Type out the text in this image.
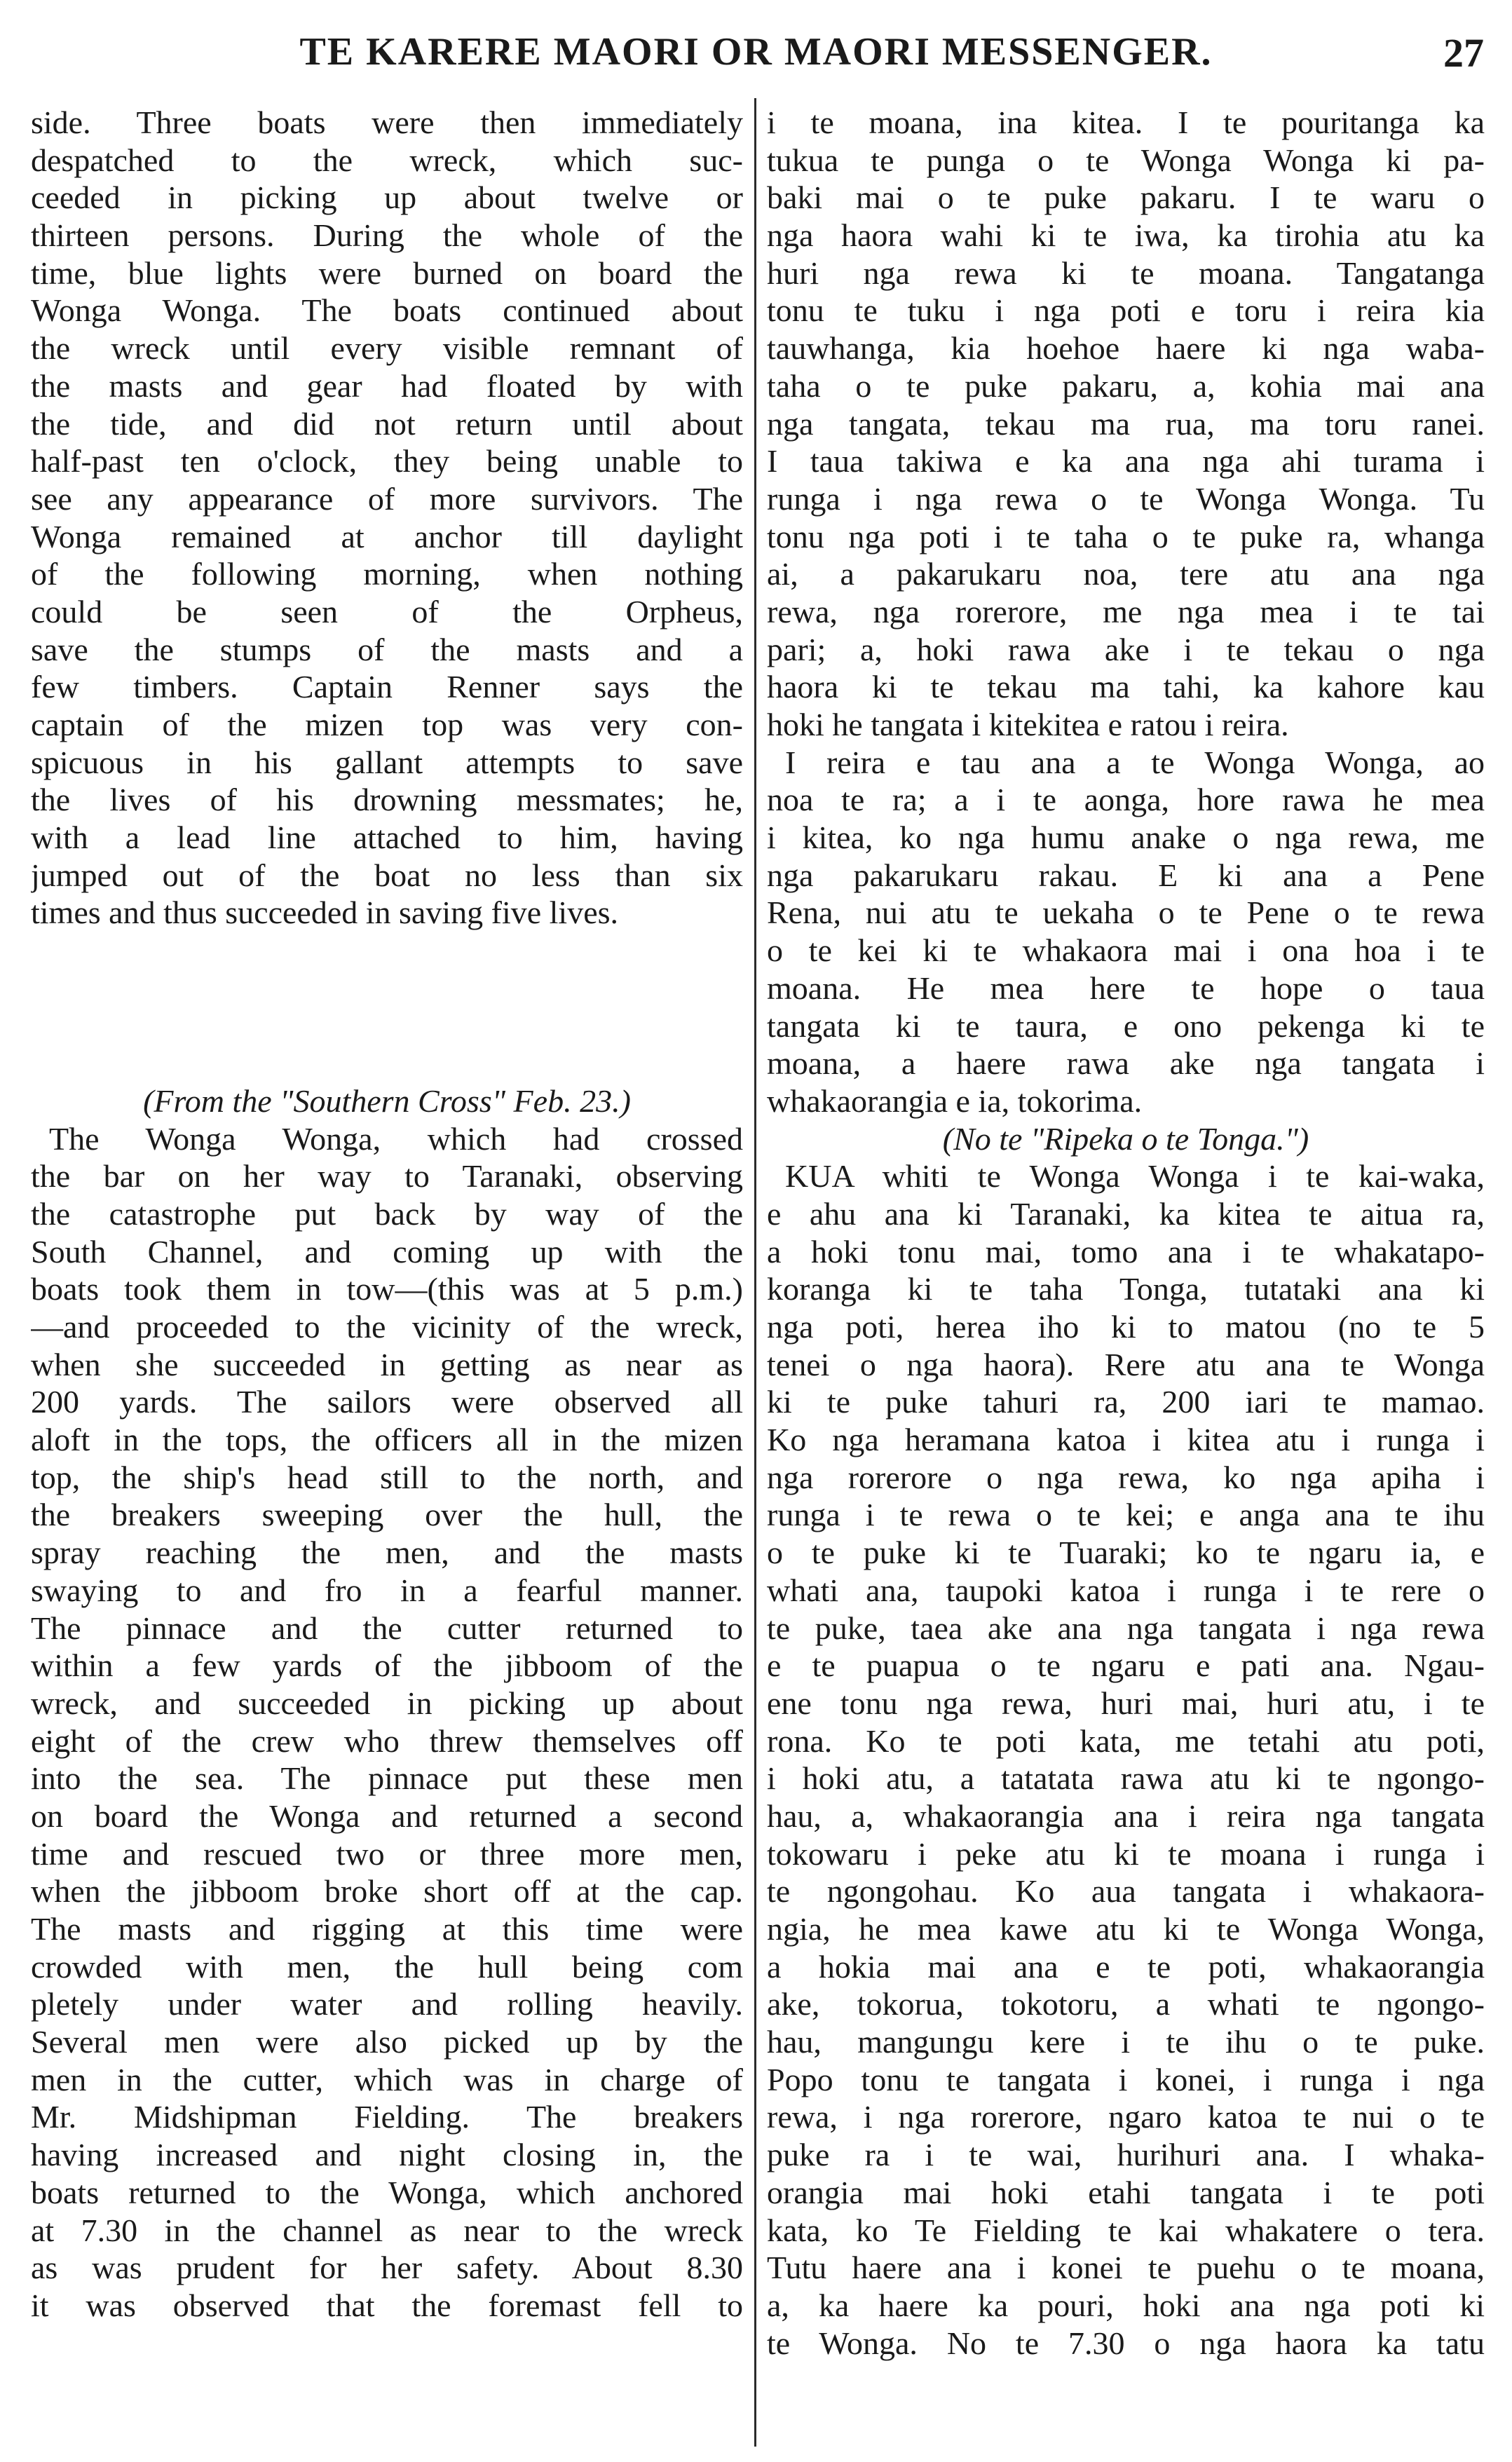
TE KARERE MAORI OR MAORI MESSENGER.	27
side. Three boats were then immediately
despatched to the wreck, which suc-
ceeded in picking up about twelve or
thirteen persons. During the whole of the
time, blue lights were burned on board the
Wonga Wonga. The boats continued about
the wreck until every visible remnant of
the masts and gear had floated by with
the tide, and did not return until about
half-past ten o'clock, they being unable to
see any appearance of more survivors. The
Wonga remained at anchor till daylight
of the following morning, when nothing
could be seen of the Orpheus,
save the stumps of the masts and a
few timbers. Captain Renner says the
captain of the mizen top was very con-
spicuous in his gallant attempts to save
the lives of his drowning messmates; he,
with a lead line attached to him, having
jumped out of the boat no less than six
times and thus succeeded in saving five lives.
(From the "Southern Cross" Feb. 23.)
The Wonga Wonga, which had crossed
the bar on her way to Taranaki, observing
the catastrophe put back by way of the
South Channel, and coming up with the
boats took them in tow—(this was at 5 p.m.)
—and proceeded to the vicinity of the wreck,
when she succeeded in getting as near as
200 yards. The sailors were observed all
aloft in the tops, the officers all in the mizen
top, the ship's head still to the north, and
the breakers sweeping over the hull, the
spray reaching the men, and the masts
swaying to and fro in a fearful manner.
The pinnace and the cutter returned to
within a few yards of the jibboom of the
wreck, and succeeded in picking up about
eight of the crew who threw themselves off
into the sea. The pinnace put these men
on board the Wonga and returned a second
time and rescued two or three more men,
when the jibboom broke short off at the cap.
The masts and rigging at this time were
crowded with men, the hull being com
pletely under water and rolling heavily.
Several men were also picked up by the
men in the cutter, which was in charge of
Mr. Midshipman Fielding. The breakers
having increased and night closing in, the
boats returned to the Wonga, which anchored
at 7.30 in the channel as near to the wreck
as was prudent for her safety. About 8.30
it was observed that the foremast fell to
i te moana, ina kitea. I te pouritanga ka
tukua te punga o te Wonga Wonga ki pa-
baki mai o te puke pakaru. I te waru o
nga haora wahi ki te iwa, ka tirohia atu ka
huri nga rewa ki te moana. Tangatanga
tonu te tuku i nga poti e toru i reira kia
tauwhanga, kia hoehoe haere ki nga waba-
taha o te puke pakaru, a, kohia mai ana
nga tangata, tekau ma rua, ma toru ranei.
I taua takiwa e ka ana nga ahi turama i
runga i nga rewa o te Wonga Wonga. Tu
tonu nga poti i te taha o te puke ra, whanga
ai, a pakarukaru noa, tere atu ana nga
rewa, nga rorerore, me nga mea i te tai
pari; a, hoki rawa ake i te tekau o nga
haora ki te tekau ma tahi, ka kahore kau
hoki he tangata i kitekitea e ratou i reira.
I reira e tau ana a te Wonga Wonga, ao
noa te ra; a i te aonga, hore rawa he mea
i kitea, ko nga humu anake o nga rewa, me
nga pakarukaru rakau. E ki ana a Pene
Rena, nui atu te uekaha o te Pene o te rewa
o te kei ki te whakaora mai i ona hoa i te
moana. He mea here te hope o taua
tangata ki te taura, e ono pekenga ki te
moana, a haere rawa ake nga tangata i
whakaorangia e ia, tokorima.
(No te "Ripeka o te Tonga.")
KUA whiti te Wonga Wonga i te kai-waka,
e ahu ana ki Taranaki, ka kitea te aitua ra,
a hoki tonu mai, tomo ana i te whakatapo-
koranga ki te taha Tonga, tutataki ana ki
nga poti, herea iho ki to matou (no te 5
tenei o nga haora). Rere atu ana te Wonga
ki te puke tahuri ra, 200 iari te mamao.
Ko nga heramana katoa i kitea atu i runga i
nga rorerore o nga rewa, ko nga apiha i
runga i te rewa o te kei; e anga ana te ihu
o te puke ki te Tuaraki; ko te ngaru ia, e
whati ana, taupoki katoa i runga i te rere o
te puke, taea ake ana nga tangata i nga rewa
e te puapua o te ngaru e pati ana. Ngau-
ene tonu nga rewa, huri mai, huri atu, i te
rona. Ko te poti kata, me tetahi atu poti,
i hoki atu, a tatatata rawa atu ki te ngongo-
hau, a, whakaorangia ana i reira nga tangata
tokowaru i peke atu ki te moana i runga i
te ngongohau. Ko aua tangata i whakaora-
ngia, he mea kawe atu ki te Wonga Wonga,
a hokia mai ana e te poti, whakaorangia
ake, tokorua, tokotoru, a whati te ngongo-
hau, mangungu kere i te ihu o te puke.
Popo tonu te tangata i konei, i runga i nga
rewa, i nga rorerore, ngaro katoa te nui o te
puke ra i te wai, hurihuri ana. I whaka-
orangia mai hoki etahi tangata i te poti
kata, ko Te Fielding te kai whakatere o tera.
Tutu haere ana i konei te puehu o te moana,
a, ka haere ka pouri, hoki ana nga poti ki
te Wonga. No te 7.30 o nga haora ka tatu
